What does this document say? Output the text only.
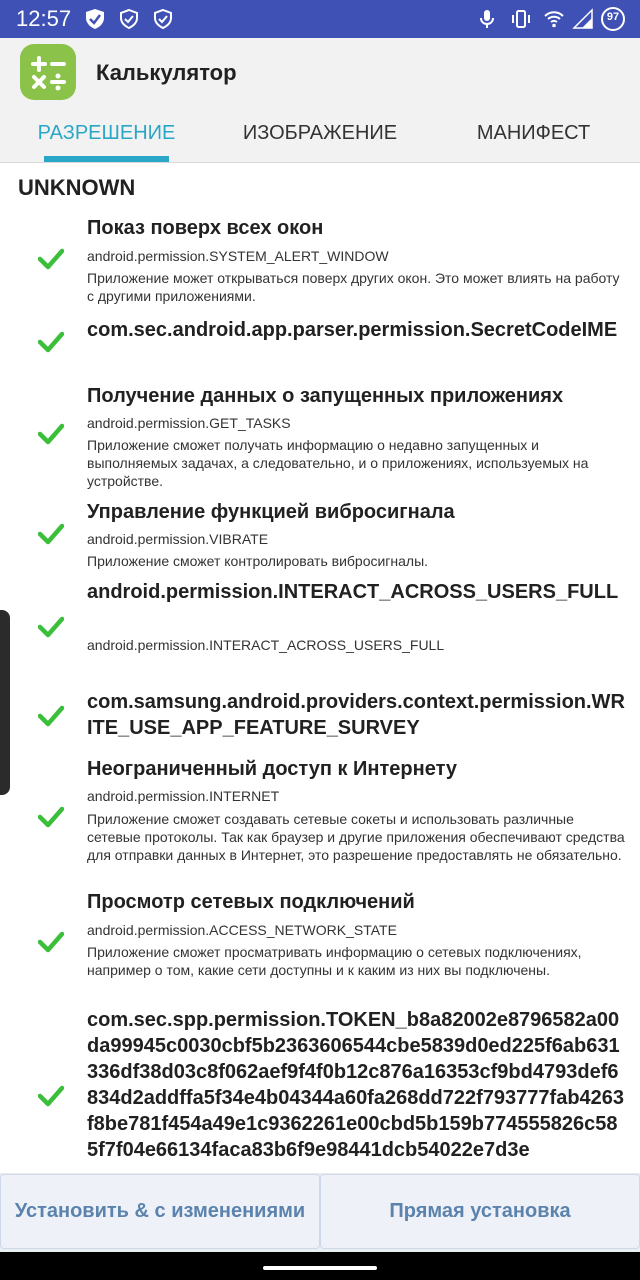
12:57	97
Калькулятор
РАЗРЕШЕНИЕ	ИЗОБРАЖЕНИЕ	МАНИФЕСТ
UNKNOWN
Показ поверх всех окон
android.permission.SYSTEM_ALERT_WINDOW
Приложение может открываться поверх других окон. Это может влиять на работу с другими приложениями.
com.sec.android.app.parser.permission.SecretCodeIME
Получение данных о запущенных приложениях
android.permission.GET_TASKS
Приложение сможет получать информацию о недавно запущенных и выполняемых задачах, а следовательно, и о приложениях, используемых на устройстве.
Управление функцией вибросигнала
android.permission.VIBRATE
Приложение сможет контролировать вибросигналы.
android.permission.INTERACT_ACROSS_USERS_FULL
android.permission.INTERACT_ACROSS_USERS_FULL
com.samsung.android.providers.context.permission.WRITE_USE_APP_FEATURE_SURVEY
Неограниченный доступ к Интернету
android.permission.INTERNET
Приложение сможет создавать сетевые сокеты и использовать различные сетевые протоколы. Так как браузер и другие приложения обеспечивают средства для отправки данных в Интернет, это разрешение предоставлять не обязательно.
Просмотр сетевых подключений
android.permission.ACCESS_NETWORK_STATE
Приложение сможет просматривать информацию о сетевых подключениях, например о том, какие сети доступны и к каким из них вы подключены.
com.sec.spp.permission.TOKEN_b8a82002e8796582a00da99945c0030cbf5b2363606544cbe5839d0ed225f6ab631336df38d03c8f062aef9f4f0b12c876a16353cf9bd4793def6834d2addffa5f34e4b04344a60fa268dd722f793777fab4263f8be781f454a49e1c9362261e00cbd5b159b774555826c585f7f04e66134faca83b6f9e98441dcb54022e7d3e
Установить & с изменениями	Прямая установка
